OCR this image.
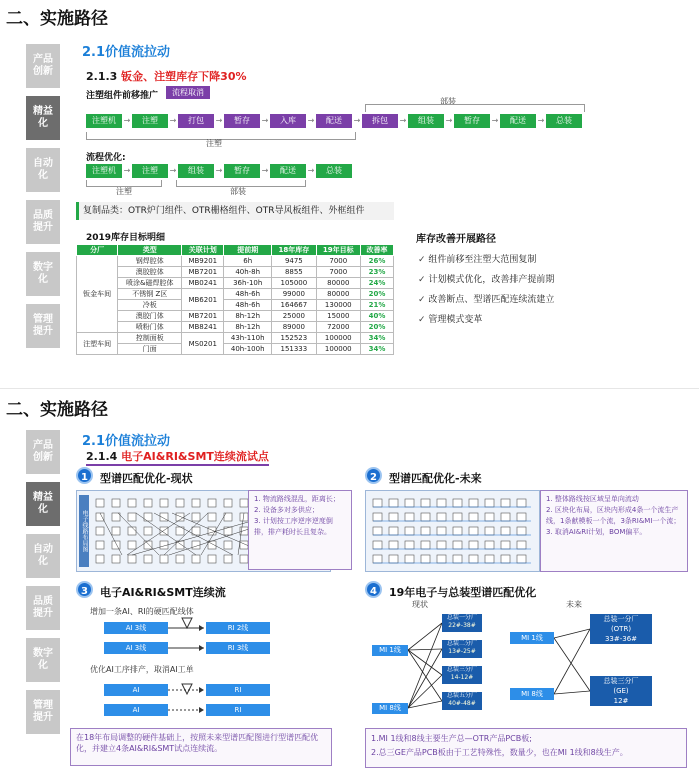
二、实施路径
产品创新
精益化
自动化
品质提升
数字化
管理提升
2.1价值流拉动
2.1.3 钣金、注塑库存下降30%
注塑组件前移推广	流程取消
部装
注塑机 →	注塑	→	打包	→	暂存	→	入库	→	配送	→	拆包	→	组装	→	暂存	→	配送	→	总装
注塑
流程优化:
注塑机 →	注塑	→	组装	→	暂存	→	配送	→	总装
注塑	部装
复制品类：OTR炉门组件、OTR栅格组件、OTR导风板组件、外框组件
2019库存目标明细
分厂	类型	关联计划	提前期	18年库存	19年目标	改善率
钣金车间	钢焊腔体	MB9201	6h	9475	7000	26%
	澳胶腔体	MB7201	40h-8h	8855	7000	23%
	喷涂&磁焊腔体	MB0241	36h-10h	105000	80000	24%
	不锈钢 Z区	MB6201	48h-6h	99000	80000	20%
	冷板		48h-6h	164667	130000	21%
	澳胶门体	MB7201	8h-12h	25000	15000	40%
	喷粉门体	MB8241	8h-12h	89000	72000	20%
注塑车间	控制面板	MS0201	43h-110h	152523	100000	34%
	门面		40h-100h	151333	100000	34%
库存改善开展路径
✓ 组件前移至注塑大范围复制
✓ 计划模式优化，改善排产提前期
✓ 改善断点、型谱匹配连续流建立
✓ 管理模式变革
二、实施路径
产品创新
精益化
自动化
品质提升
数字化
管理提升
2.1价值流拉动
2.1.4 电子AI&RI&SMT连续流试点
1	型谱匹配优化-现状
电子线路布局图
1. 物流路线混乱，距离长；
2. 设备多对多供应；
3. 计划按工序逆序逆度倒排，排产耗时长且复杂。
2	型谱匹配优化-未来
1. 整体路线按区域呈单向流动
2. 区块化布局，区块内形成4条一个流生产线，1条献模板一个流，3条RI&MI一个流；
3. 取消AI&RI计划，BOM偏平。
3	电子AI&RI&SMT连续流
增加一条AI、RI的硬匹配线体
AI 3线	RI 2线
AI 3线	RI 3线
优化AI工序排产，取消AI工单
AI	RI
AI	RI
在18年布局调整的硬件基础上，按照未来型谱匹配图进行型谱匹配优化，并建立4条AI&RI&SMT试点连续流。
4	19年电子与总装型谱匹配优化
现状	未来
MI 1线
MI 8线
总装一分厂
22#-38#
总装二分厂
13#-25#
总装三分厂
14-12#
总装五分厂
40#-48#
MI 1线
MI 8线
总装一分厂
(OTR)
33#-36#
总装三分厂
(GE)
12#
1.MI 1线和8线主要生产总—OTR产品PCB板;
2.总三GE产品PCB板由于工艺特殊性，数量少，也在MI 1线和8线生产。
